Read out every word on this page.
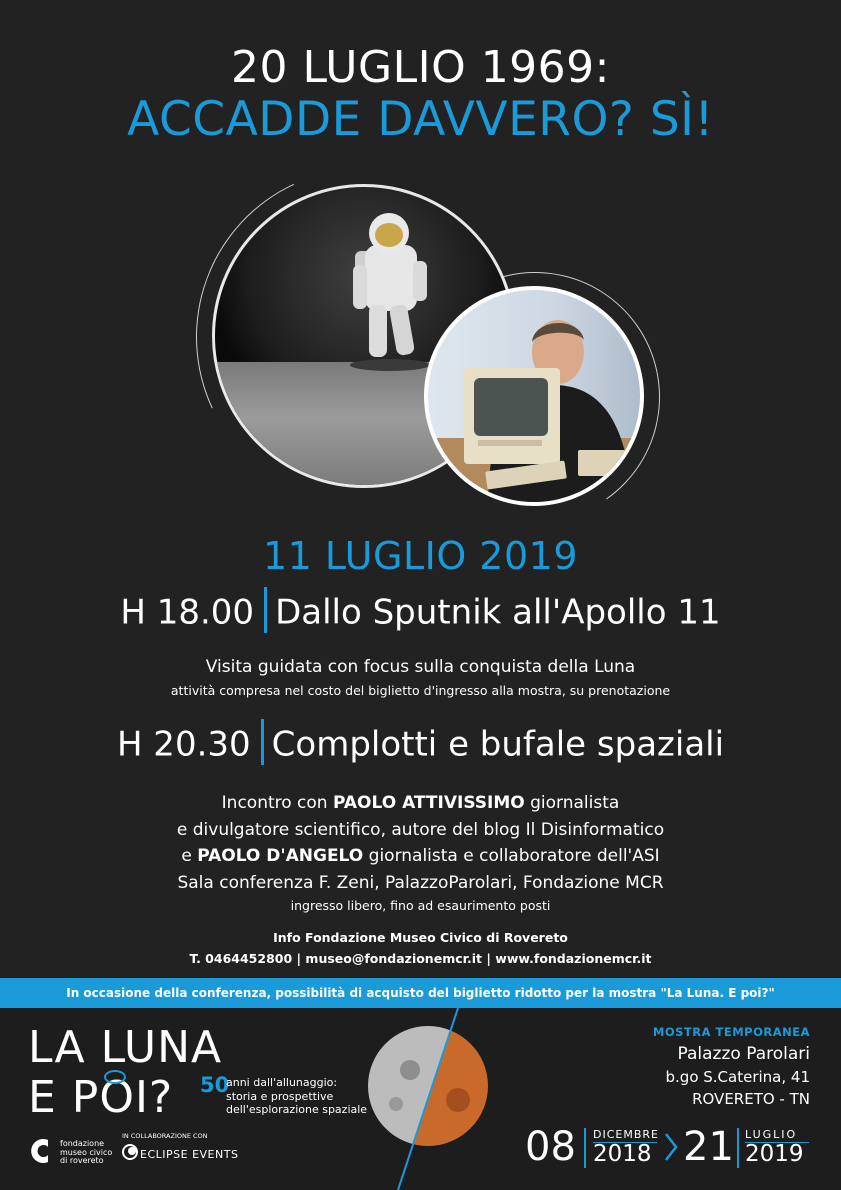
20 LUGLIO 1969:
ACCADDE DAVVERO? SÌ!
11 LUGLIO 2019
H 18.00 Dallo Sputnik all'Apollo 11
Visita guidata con focus sulla conquista della Luna
attività compresa nel costo del biglietto d'ingresso alla mostra, su prenotazione
H 20.30 Complotti e bufale spaziali
Incontro con PAOLO ATTIVISSIMO giornalista
e divulgatore scientifico, autore del blog Il Disinformatico
e PAOLO D'ANGELO giornalista e collaboratore dell'ASI
Sala conferenza F. Zeni, PalazzoParolari, Fondazione MCR
ingresso libero, fino ad esaurimento posti
Info Fondazione Museo Civico di Rovereto
T. 0464452800 | museo@fondazionemcr.it | www.fondazionemcr.it
In occasione della conferenza, possibilità di acquisto del biglietto ridotto per la mostra "La Luna. E poi?"
LA LUNA
E POI? 50
anni dall'allunaggio:
storia e prospettive
dell'esplorazione spaziale
fondazione
museo civico
di rovereto
IN COLLABORAZIONE CON
ECLIPSE EVENTS
MOSTRA TEMPORANEA
Palazzo Parolari
b.go S.Caterina, 41
ROVERETO - TN
08 DICEMBRE
2018 21 LUGLIO
2019
